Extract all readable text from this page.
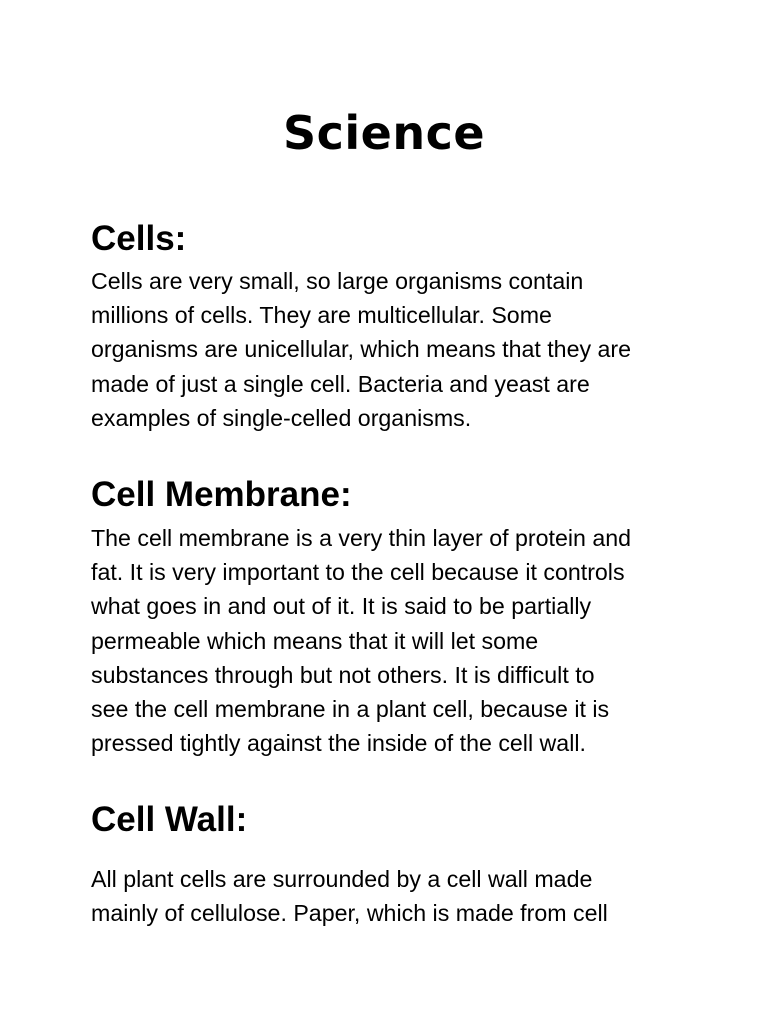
Science
Cells:

Cells are very small, so large organisms contain
millions of cells. They are multicellular. Some
organisms are unicellular, which means that they are
made of just a single cell. Bacteria and yeast are
examples of single-celled organisms.

Cell Membrane:

The cell membrane is a very thin layer of protein and
fat. It is very important to the cell because it controls
what goes in and out of it. It is said to be partially
permeable which means that it will let some
substances through but not others. It is difficult to
see the cell membrane in a plant cell, because it is
pressed tightly against the inside of the cell wall.

Cell Wall:

All plant cells are surrounded by a cell wall made
mainly of cellulose. Paper, which is made from cell
